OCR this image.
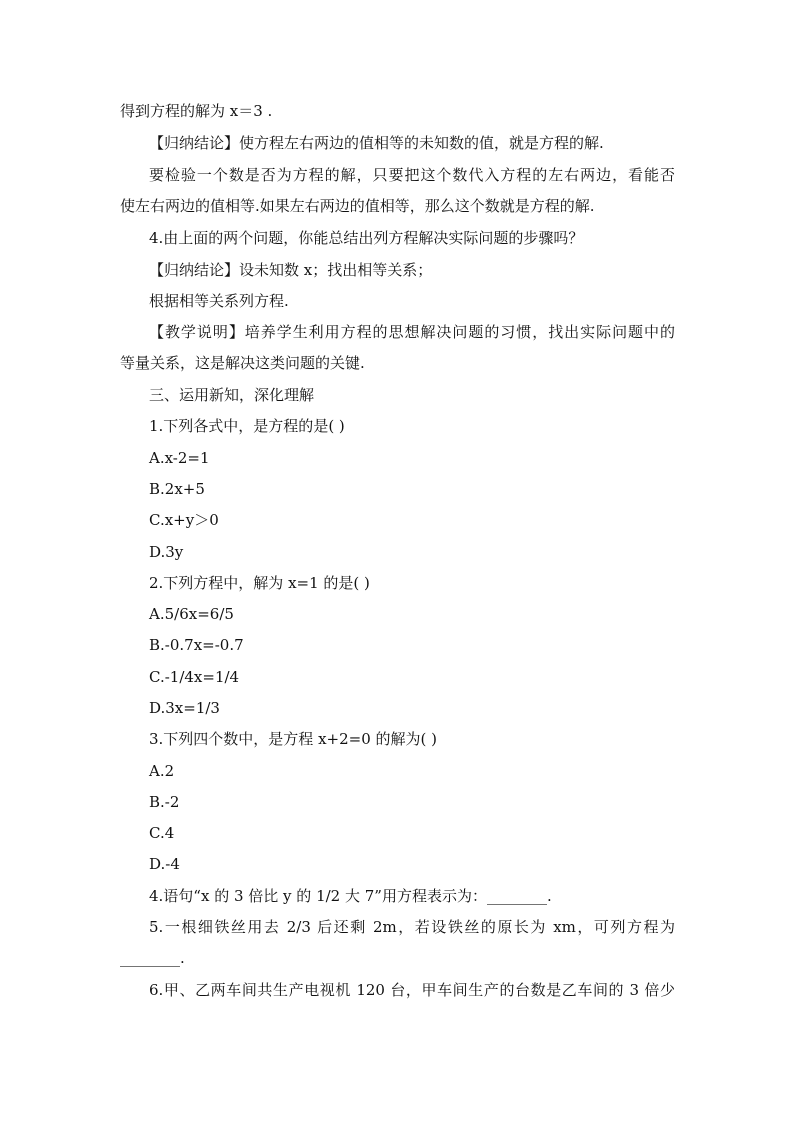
得到方程的解为 x＝3 .
【归纳结论】使方程左右两边的值相等的未知数的值，就是方程的解.
要检验一个数是否为方程的解，只要把这个数代入方程的左右两边，看能否
使左右两边的值相等.如果左右两边的值相等，那么这个数就是方程的解.
4.由上面的两个问题，你能总结出列方程解决实际问题的步骤吗？
【归纳结论】设未知数 x；找出相等关系；
根据相等关系列方程.
【教学说明】培养学生利用方程的思想解决问题的习惯，找出实际问题中的
等量关系，这是解决这类问题的关键.
三、运用新知，深化理解
1.下列各式中，是方程的是( )
A.x-2=1
B.2x+5
C.x+y＞0
D.3y
2.下列方程中，解为 x=1 的是( )
A.5/6x=6/5
B.-0.7x=-0.7
C.-1/4x=1/4
D.3x=1/3
3.下列四个数中，是方程 x+2=0 的解为( )
A.2
B.-2
C.4
D.-4
4.语句“x 的 3 倍比 y 的 1/2 大 7”用方程表示为：________.
5.一根细铁丝用去 2/3 后还剩 2m，若设铁丝的原长为 xm，可列方程为
________.
6.甲、乙两车间共生产电视机 120 台，甲车间生产的台数是乙车间的 3 倍少
